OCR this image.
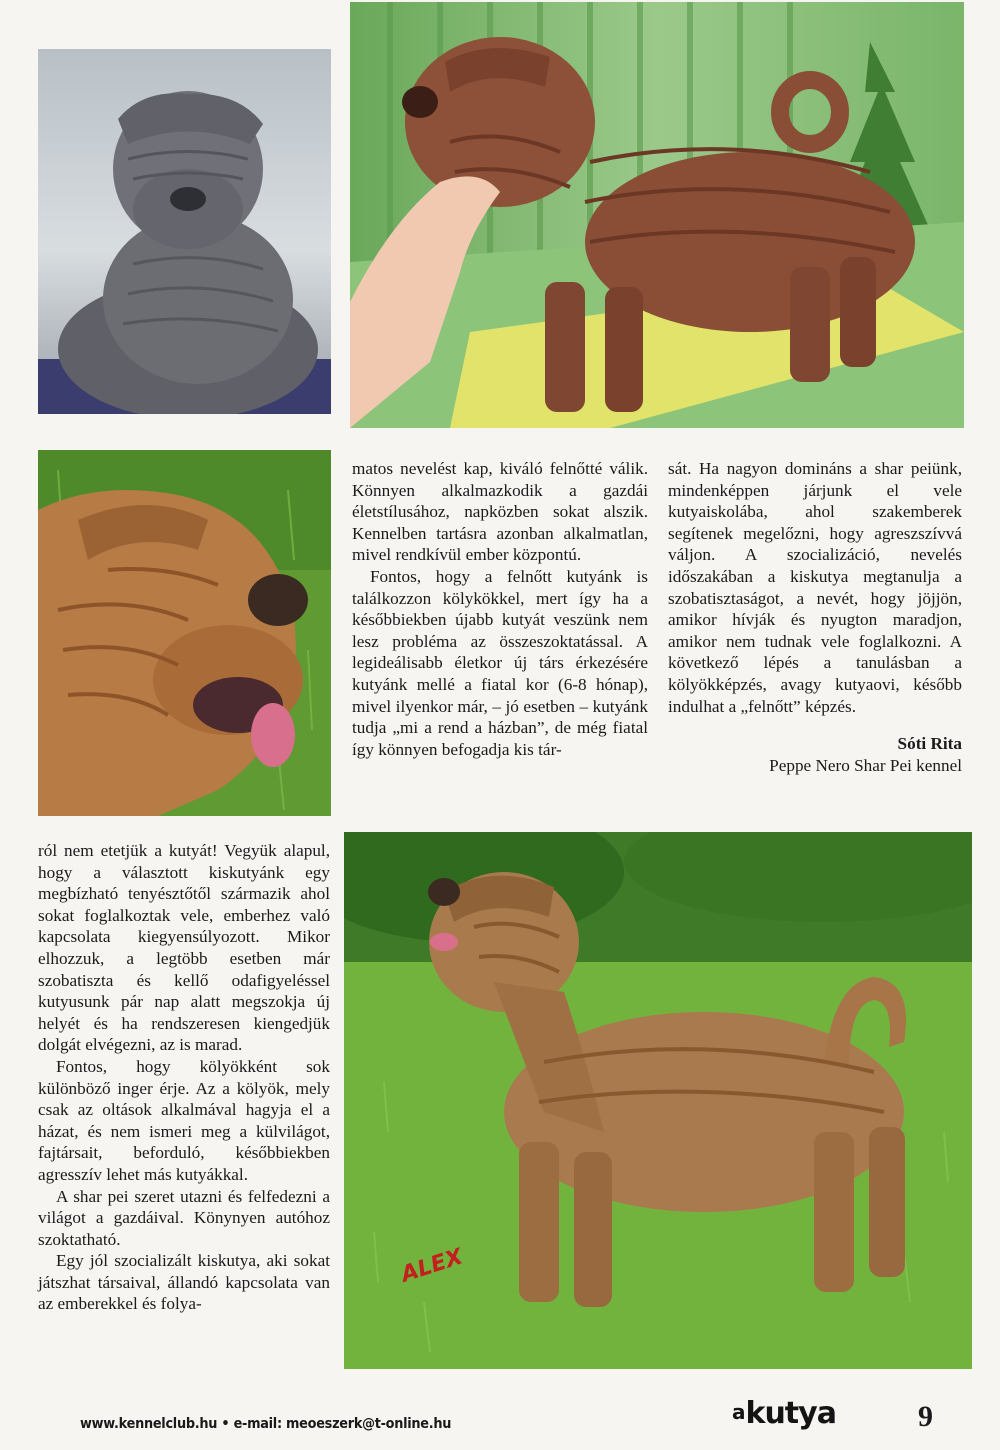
ALEX

matos nevelést kap, kiváló felnőtté válik. Könnyen alkalmazkodik a gazdái életstílusához, napközben sokat alszik. Kennelben tartásra azonban alkalmatlan, mivel rendkívül ember központú.

Fontos, hogy a felnőtt kutyánk is találkozzon kölykökkel, mert így ha a későbbiekben újabb kutyát veszünk nem lesz probléma az összeszoktatással. A legideálisabb életkor új társ érkezésére kutyánk mellé a fiatal kor (6-8 hónap), mivel ilyenkor már, – jó esetben – kutyánk tudja „mi a rend a házban”, de még fiatal így könnyen befogadja kis tár-

sát. Ha nagyon domináns a shar peiünk, mindenképpen járjunk el vele kutyaiskolába, ahol szakemberek segítenek megelőzni, hogy agreszszívvá váljon. A szocializáció, nevelés időszakában a kiskutya megtanulja a szobatisztaságot, a nevét, hogy jöjjön, amikor hívják és nyugton maradjon, amikor nem tudnak vele foglalkozni. A következő lépés a tanulásban a kölyökképzés, avagy kutyaovi, később indulhat a „felnőtt” képzés.

Sóti Rita

Peppe Nero Shar Pei kennel

ról nem etetjük a kutyát! Vegyük alapul, hogy a választott kiskutyánk egy megbízható tenyésztőtől származik ahol sokat foglalkoztak vele, emberhez való kapcsolata kiegyensúlyozott. Mikor elhozzuk, a legtöbb esetben már szobatiszta és kellő odafigyeléssel kutyusunk pár nap alatt megszokja új helyét és ha rendszeresen kiengedjük dolgát elvégezni, az is marad.

Fontos, hogy kölyökként sok különböző inger érje. Az a kölyök, mely csak az oltások alkalmával hagyja el a házat, és nem ismeri meg a külvilágot, fajtársait, beforduló, későbbiekben agresszív lehet más kutyákkal.

A shar pei szeret utazni és felfedezni a világot a gazdáival. Könynyen autóhoz szoktatható.

Egy jól szocializált kiskutya, aki sokat játszhat társaival, állandó kapcsolata van az emberekkel és folya-

www.kennelclub.hu • e-mail: meoeszerk@t-online.hu	akutya	9
